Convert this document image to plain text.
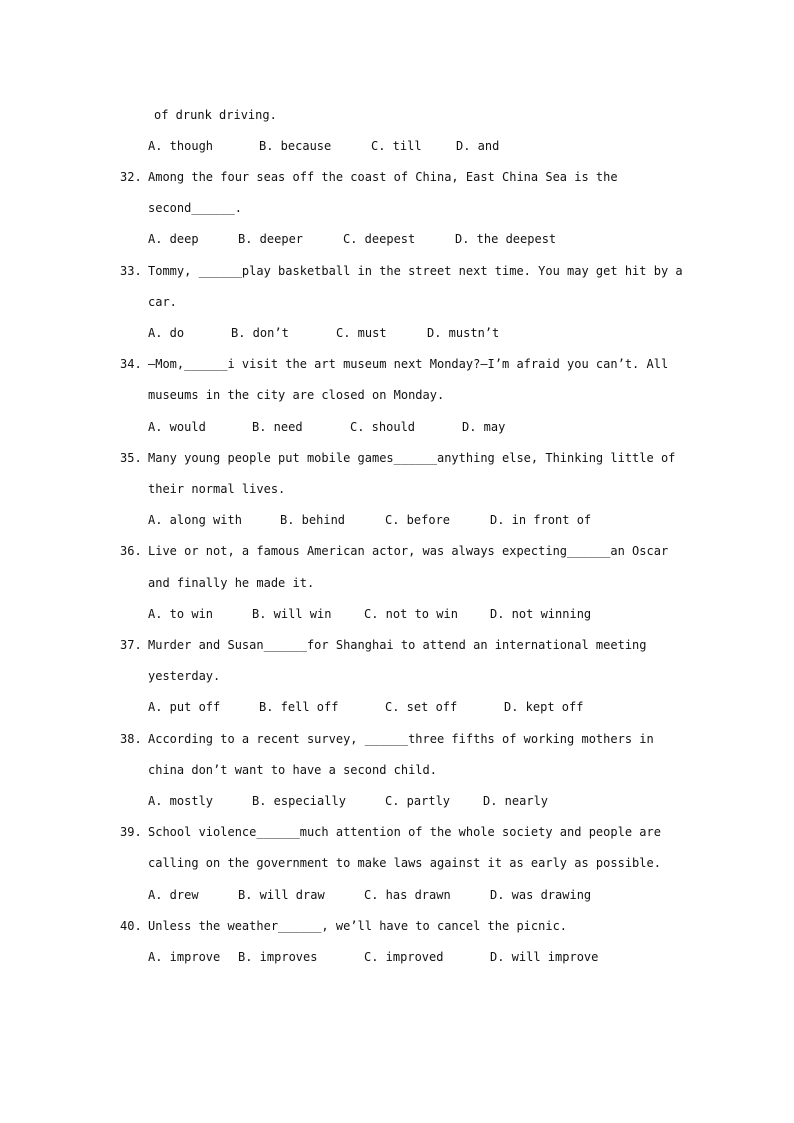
of drunk driving.
A. though	B. because	C. till	D. and
32. Among the four seas off the coast of China, East China Sea is the
second______.
A. deep	B. deeper	C. deepest	D. the deepest
33. Tommy, ______play basketball in the street next time. You may get hit by a
car.
A. do	B. don’t	C. must	D. mustn’t
34. –Mom,______i visit the art museum next Monday?–I’m afraid you can’t. All
museums in the city are closed on Monday.
A. would	B. need	C. should	D. may
35. Many young people put mobile games______anything else, Thinking little of
their normal lives.
A. along with	B. behind	C. before	D. in front of
36. Live or not, a famous American actor, was always expecting______an Oscar
and finally he made it.
A. to win	B. will win	C. not to win	D. not winning
37. Murder and Susan______for Shanghai to attend an international meeting
yesterday.
A. put off	B. fell off	C. set off	D. kept off
38. According to a recent survey, ______three fifths of working mothers in
china don’t want to have a second child.
A. mostly	B. especially	C. partly	D. nearly
39. School violence______much attention of the whole society and people are
calling on the government to make laws against it as early as possible.
A. drew	B. will draw	C. has drawn	D. was drawing
40. Unless the weather______, we’ll have to cancel the picnic.
A. improve B. improves	C. improved	D. will improve
